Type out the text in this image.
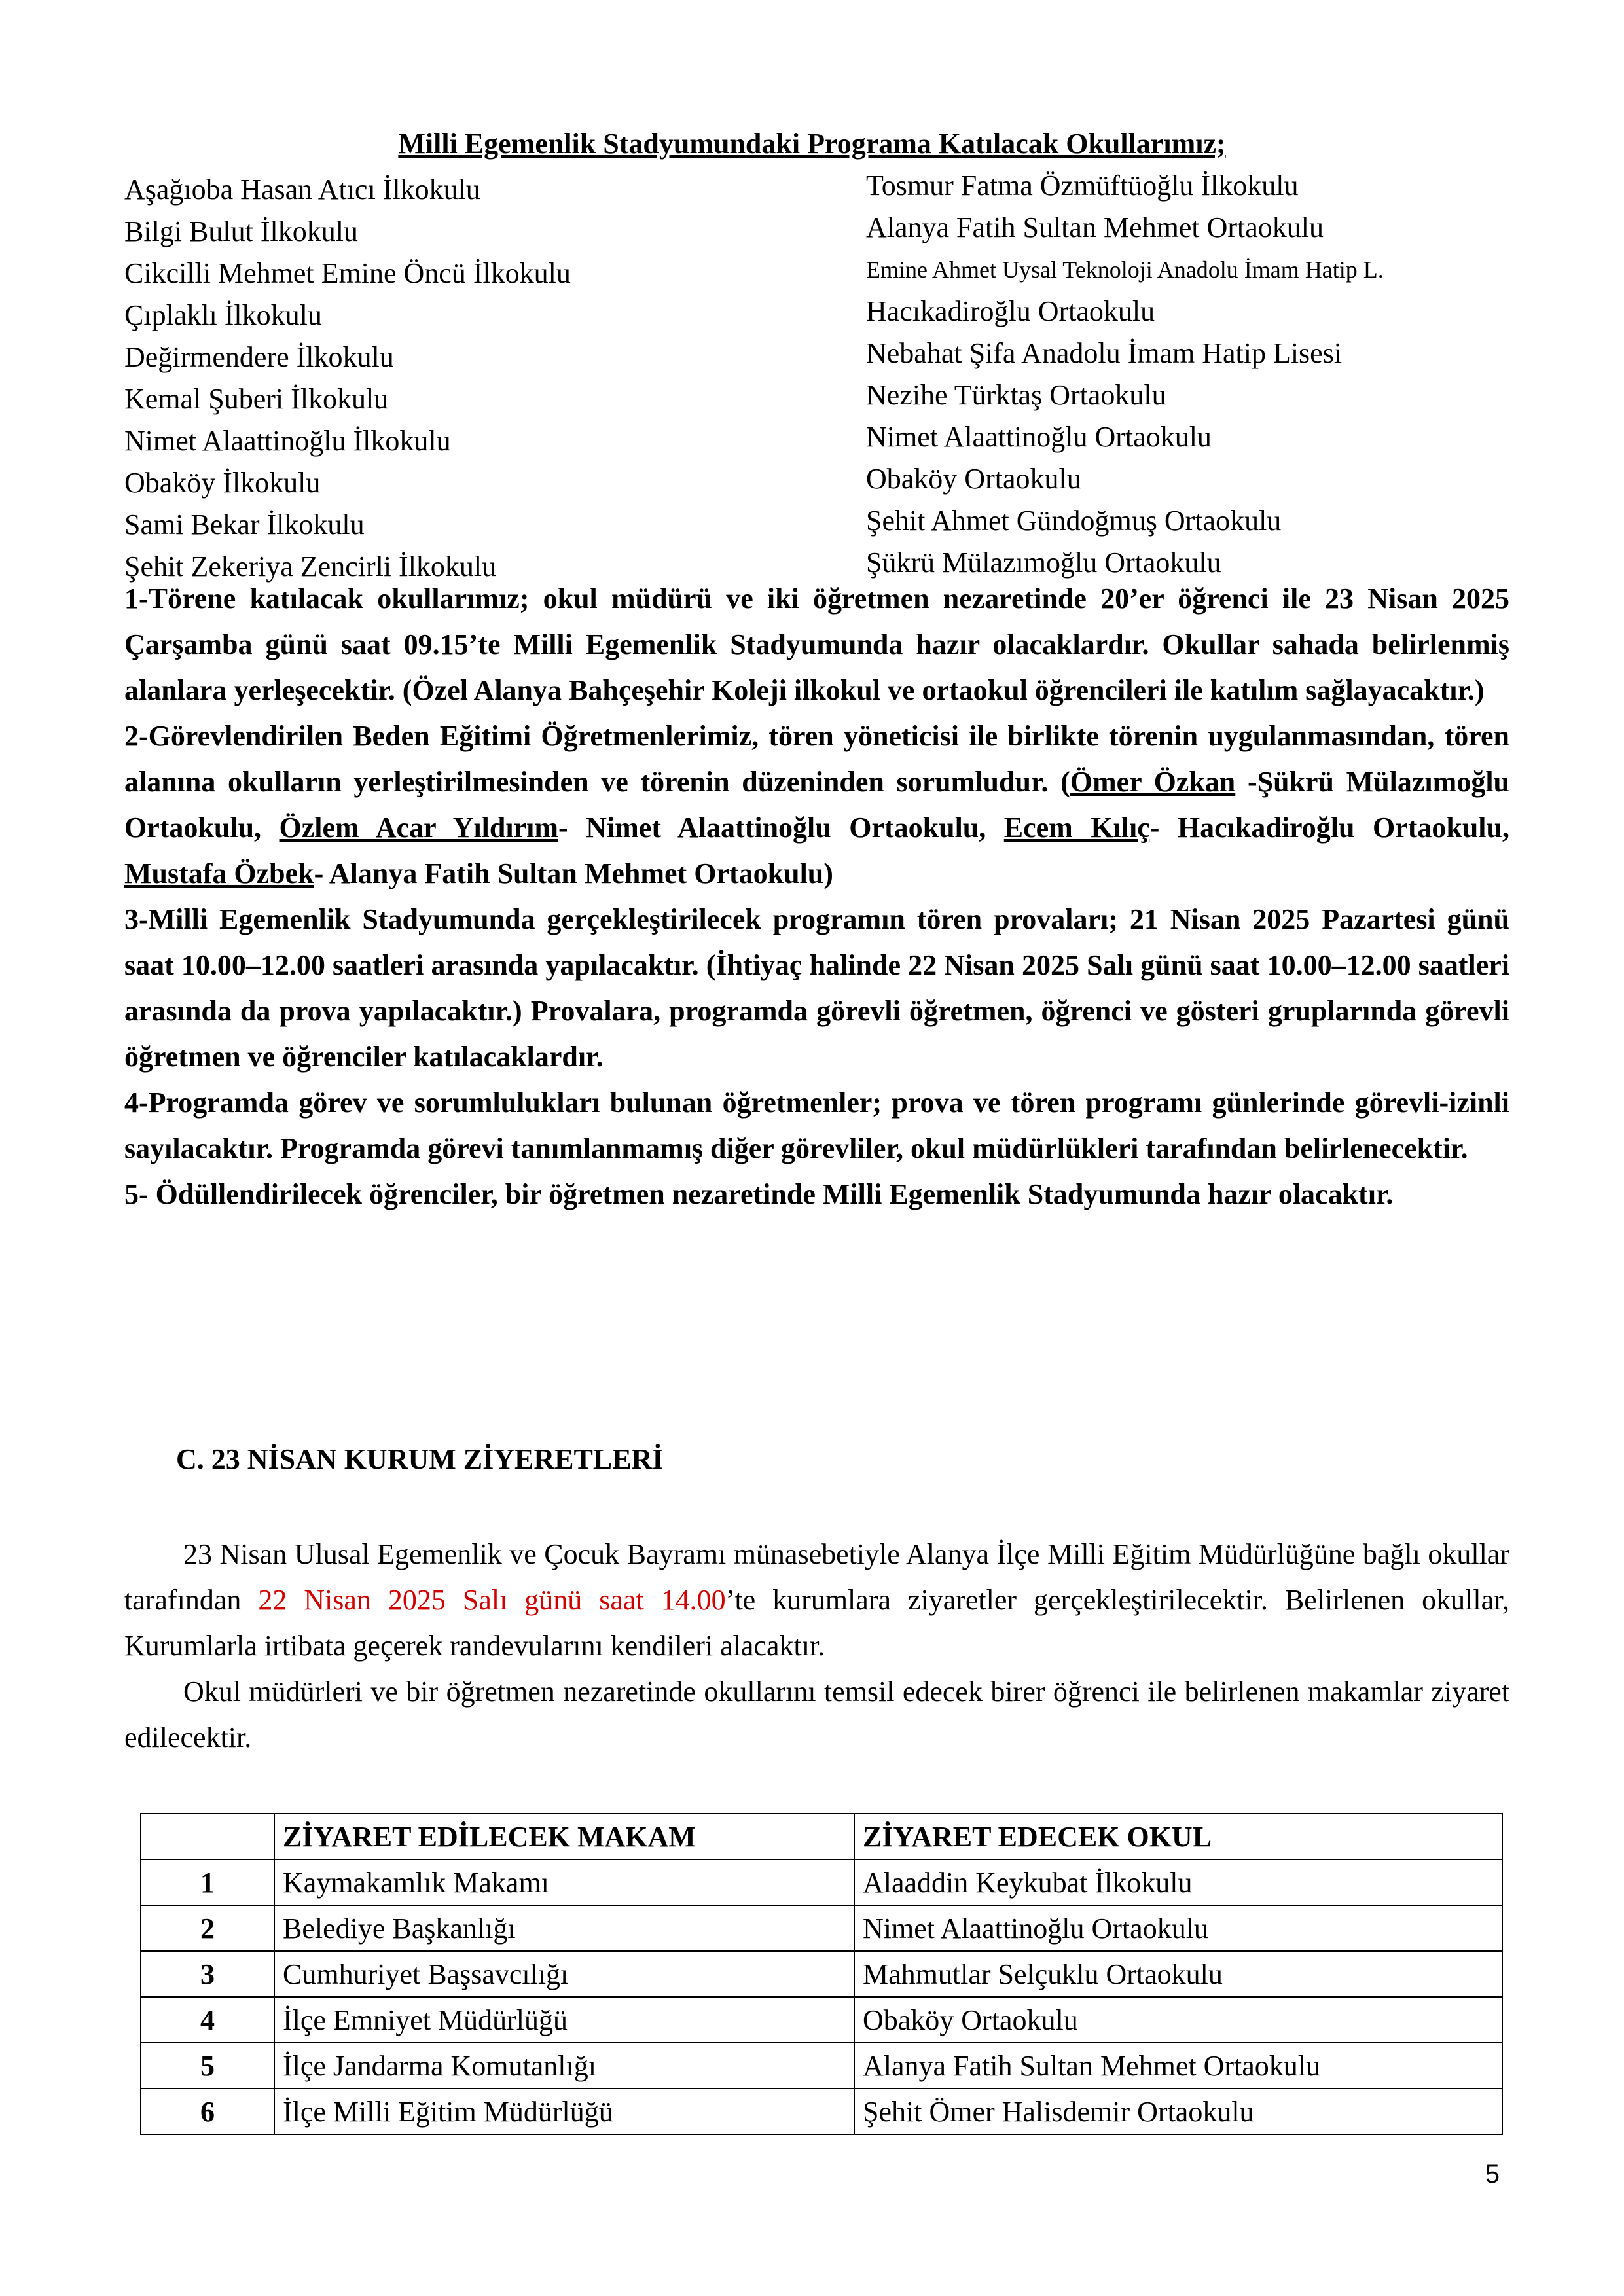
Milli Egemenlik Stadyumundaki Programa Katılacak Okullarımız;
Aşağıoba Hasan Atıcı İlkokulu
Bilgi Bulut İlkokulu
Cikcilli Mehmet Emine Öncü İlkokulu
Çıplaklı İlkokulu
Değirmendere İlkokulu
Kemal Şuberi İlkokulu
Nimet Alaattinoğlu İlkokulu
Obaköy İlkokulu
Sami Bekar İlkokulu
Şehit Zekeriya Zencirli İlkokulu
Tosmur Fatma Özmüftüoğlu İlkokulu
Alanya Fatih Sultan Mehmet Ortaokulu
Emine Ahmet Uysal Teknoloji Anadolu İmam Hatip L.
Hacıkadiroğlu Ortaokulu
Nebahat Şifa Anadolu İmam Hatip Lisesi
Nezihe Türktaş Ortaokulu
Nimet Alaattinoğlu Ortaokulu
Obaköy Ortaokulu
Şehit Ahmet Gündoğmuş Ortaokulu
Şükrü Mülazımoğlu Ortaokulu

1-Törene katılacak okullarımız; okul müdürü ve iki öğretmen nezaretinde 20’er öğrenci ile 23 Nisan 2025 Çarşamba günü saat 09.15’te Milli Egemenlik Stadyumunda hazır olacaklardır. Okullar sahada belirlenmiş alanlara yerleşecektir. (Özel Alanya Bahçeşehir Koleji ilkokul ve ortaokul öğrencileri ile katılım sağlayacaktır.)

2-Görevlendirilen Beden Eğitimi Öğretmenlerimiz, tören yöneticisi ile birlikte törenin uygulanmasından, tören alanına okulların yerleştirilmesinden ve törenin düzeninden sorumludur. (Ömer Özkan -Şükrü Mülazımoğlu Ortaokulu, Özlem Acar Yıldırım- Nimet Alaattinoğlu Ortaokulu, Ecem Kılıç- Hacıkadiroğlu Ortaokulu, Mustafa Özbek- Alanya Fatih Sultan Mehmet Ortaokulu)

3-Milli Egemenlik Stadyumunda gerçekleştirilecek programın tören provaları; 21 Nisan 2025 Pazartesi günü saat 10.00–12.00 saatleri arasında yapılacaktır. (İhtiyaç halinde 22 Nisan 2025 Salı günü saat 10.00–12.00 saatleri arasında da prova yapılacaktır.) Provalara, programda görevli öğretmen, öğrenci ve gösteri gruplarında görevli öğretmen ve öğrenciler katılacaklardır.

4-Programda görev ve sorumlulukları bulunan öğretmenler; prova ve tören programı günlerinde görevli-izinli sayılacaktır. Programda görevi tanımlanmamış diğer görevliler, okul müdürlükleri tarafından belirlenecektir.

5- Ödüllendirilecek öğrenciler, bir öğretmen nezaretinde Milli Egemenlik Stadyumunda hazır olacaktır.

C. 23 NİSAN KURUM ZİYERETLERİ

23 Nisan Ulusal Egemenlik ve Çocuk Bayramı münasebetiyle Alanya İlçe Milli Eğitim Müdürlüğüne bağlı okullar tarafından 22 Nisan 2025 Salı günü saat 14.00’te kurumlara ziyaretler gerçekleştirilecektir. Belirlenen okullar, Kurumlarla irtibata geçerek randevularını kendileri alacaktır.

Okul müdürleri ve bir öğretmen nezaretinde okullarını temsil edecek birer öğrenci ile belirlenen makamlar ziyaret edilecektir.

	ZİYARET EDİLECEK MAKAM	ZİYARET EDECEK OKUL
1	Kaymakamlık Makamı	Alaaddin Keykubat İlkokulu
2	Belediye Başkanlığı	Nimet Alaattinoğlu Ortaokulu
3	Cumhuriyet Başsavcılığı	Mahmutlar Selçuklu Ortaokulu
4	İlçe Emniyet Müdürlüğü	Obaköy Ortaokulu
5	İlçe Jandarma Komutanlığı	Alanya Fatih Sultan Mehmet Ortaokulu
6	İlçe Milli Eğitim Müdürlüğü	Şehit Ömer Halisdemir Ortaokulu
5
